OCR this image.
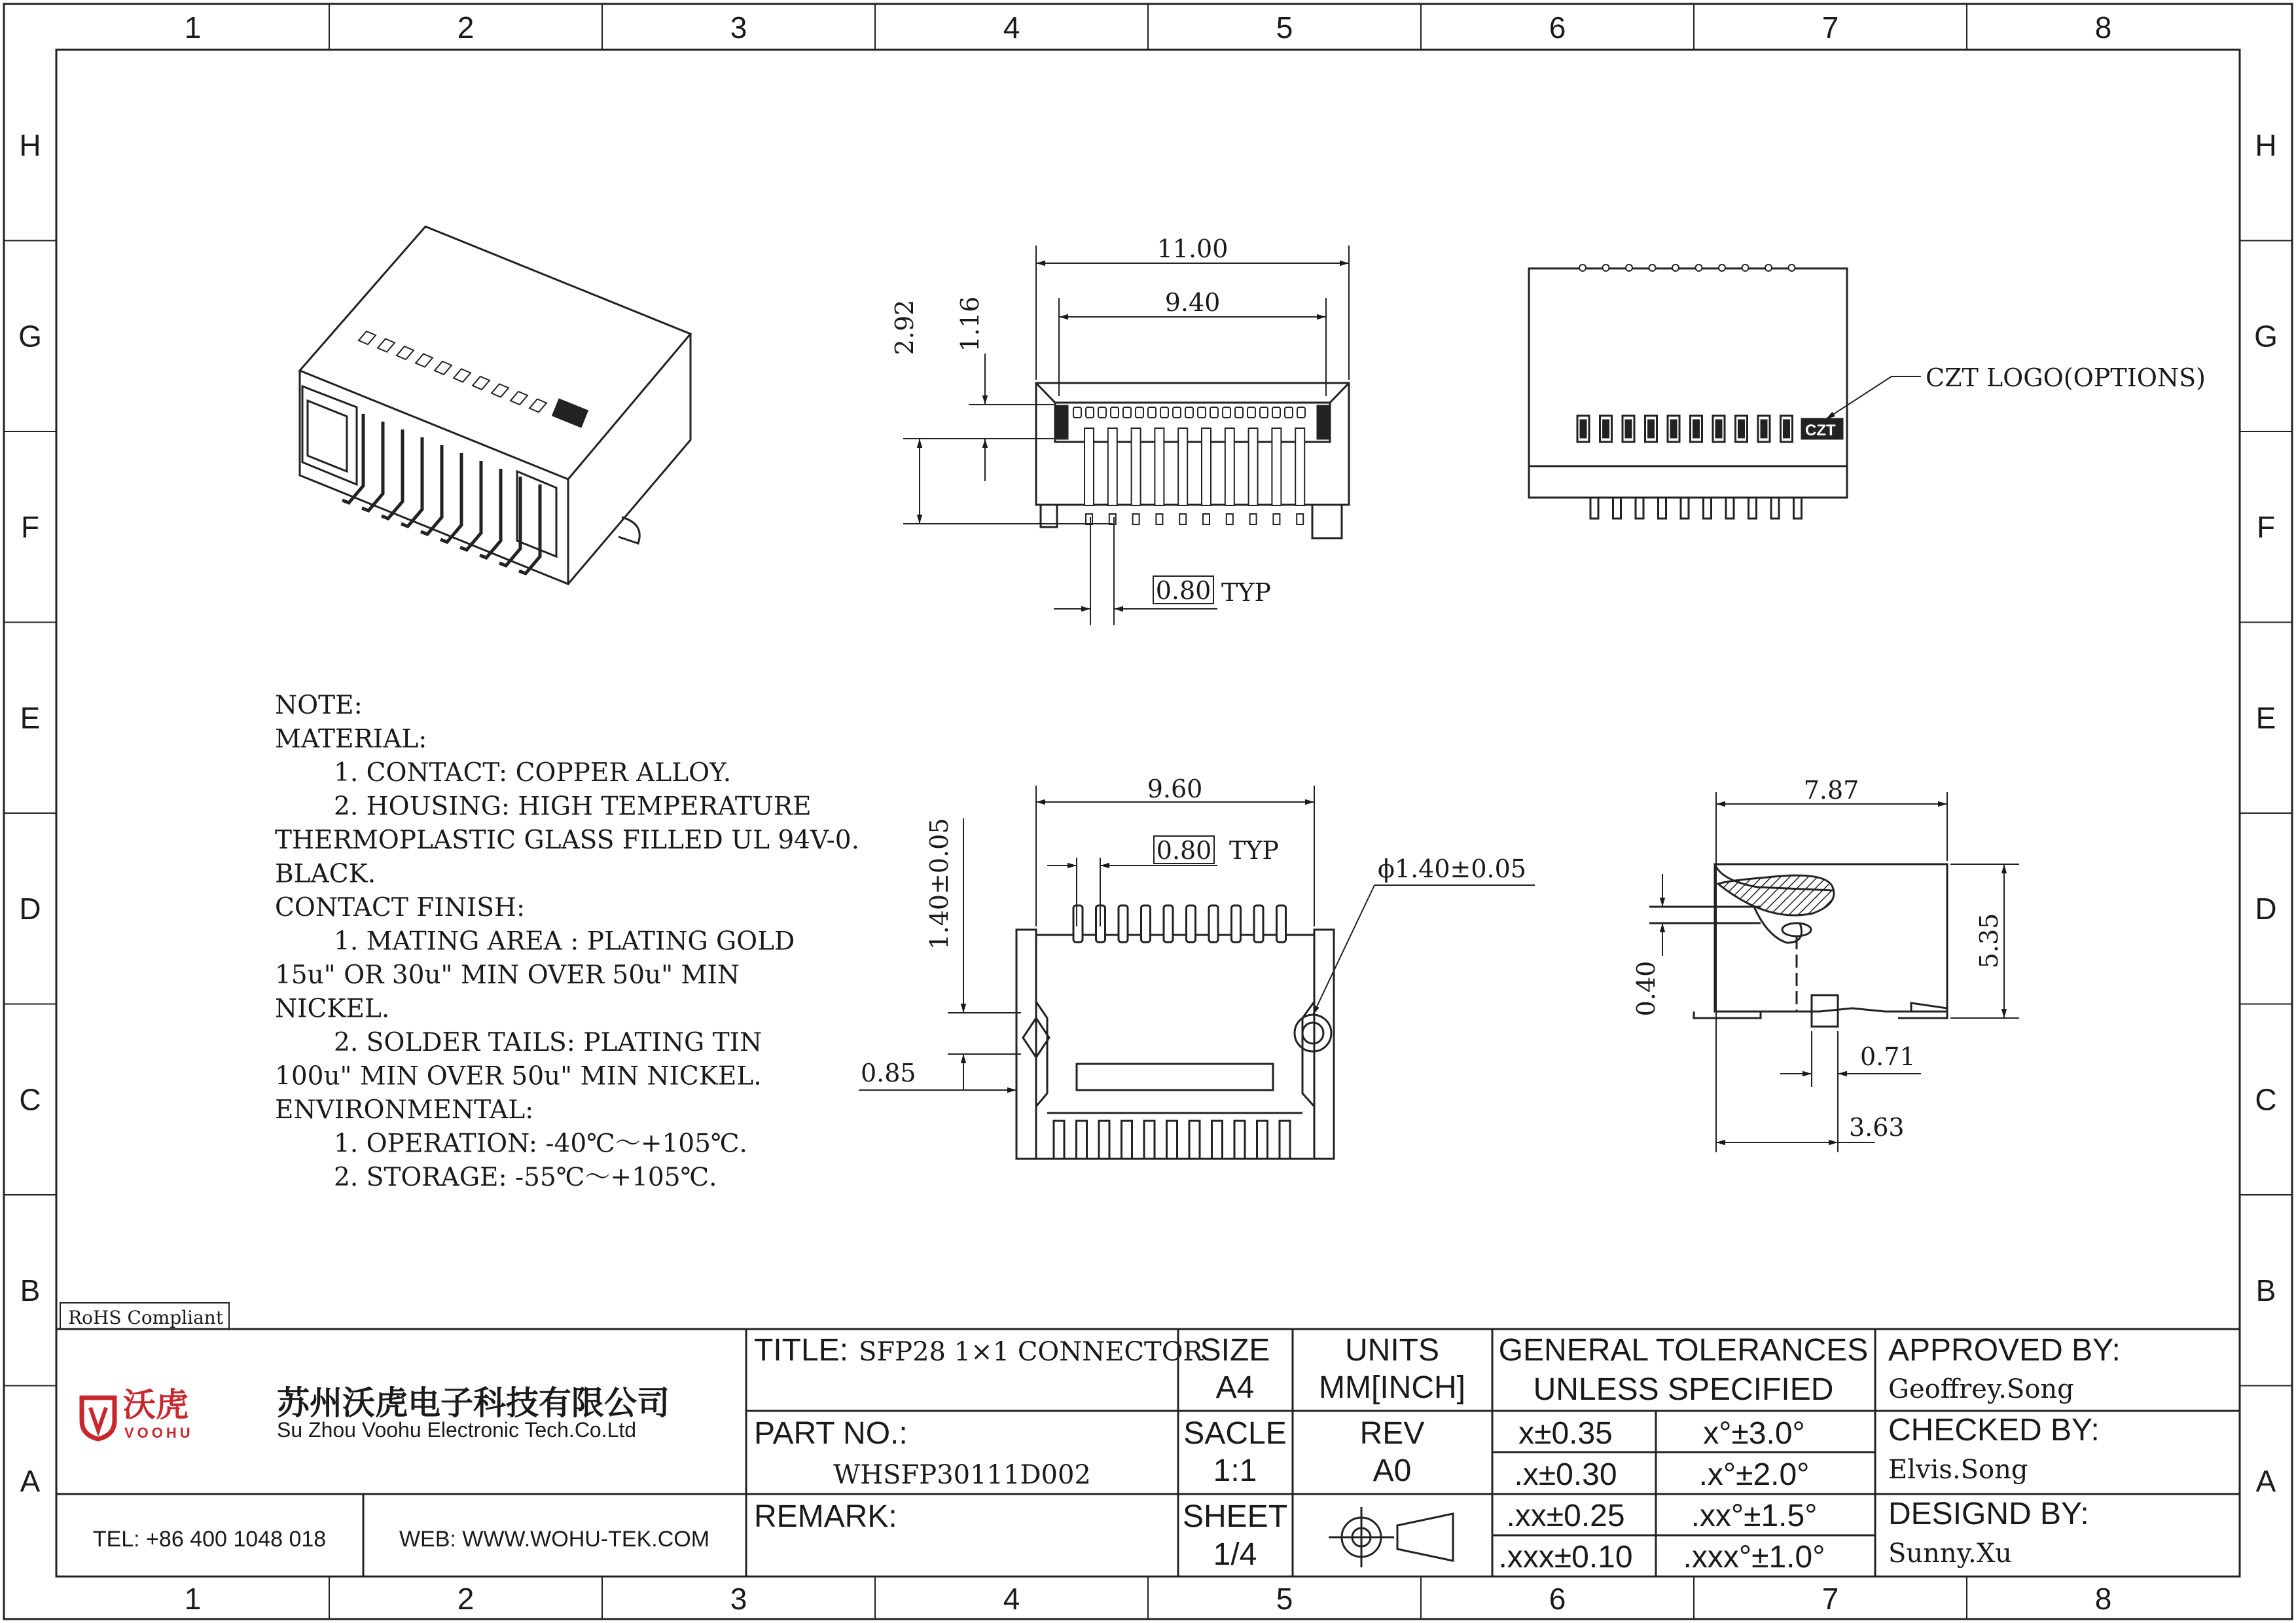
1
1
2
2
3
3
4
4
5
5
6
6
7
7
8
8
H	H
G	G
F	F
E	E
D	D
C	C
B	B
A	A
CZT
11.00
9.40
2.92 1.16
0.80 TYP
CZT
CZT LOGO(OPTIONS)
NOTE:
MATERIAL:
1. CONTACT: COPPER ALLOY.
2. HOUSING: HIGH TEMPERATURE
THERMOPLASTIC GLASS FILLED UL 94V-0.
BLACK.
CONTACT FINISH:
1. MATING AREA : PLATING GOLD
15u" OR 30u" MIN OVER 50u" MIN
NICKEL.
2. SOLDER TAILS: PLATING TIN
100u" MIN OVER 50u" MIN NICKEL.
ENVIRONMENTAL:
1. OPERATION: -40℃～+105℃.
2. STORAGE: -55℃～+105℃.
9.60
0.80 TYP
1.40±0.05	ϕ1.40±0.05
0.85
7.87
5.35
0.40
0.71
3.63
RoHS Compliant
沃虎
VOOHU
苏州沃虎电子科技有限公司
Su Zhou Voohu Electronic Tech.Co.Ltd
TEL: +86 400 1048 018	WEB: WWW.WOHU-TEK.COM
TITLE: SFP28 1×1 CONNECTOR
PART NO.:
WHSFP30111D002
REMARK:
SIZE
A4
UNITS
MM[INCH]
SACLE
1:1
REV
A0
SHEET
1/4
GENERAL TOLERANCES
UNLESS SPECIFIED
x±0.35	x°±3.0°
.x±0.30	.x°±2.0°
.xx±0.25 .xx°±1.5°
.xxx±0.10 .xxx°±1.0°
APPROVED BY:
Geoffrey.Song
CHECKED BY:
Elvis.Song
DESIGND BY:
Sunny.Xu
